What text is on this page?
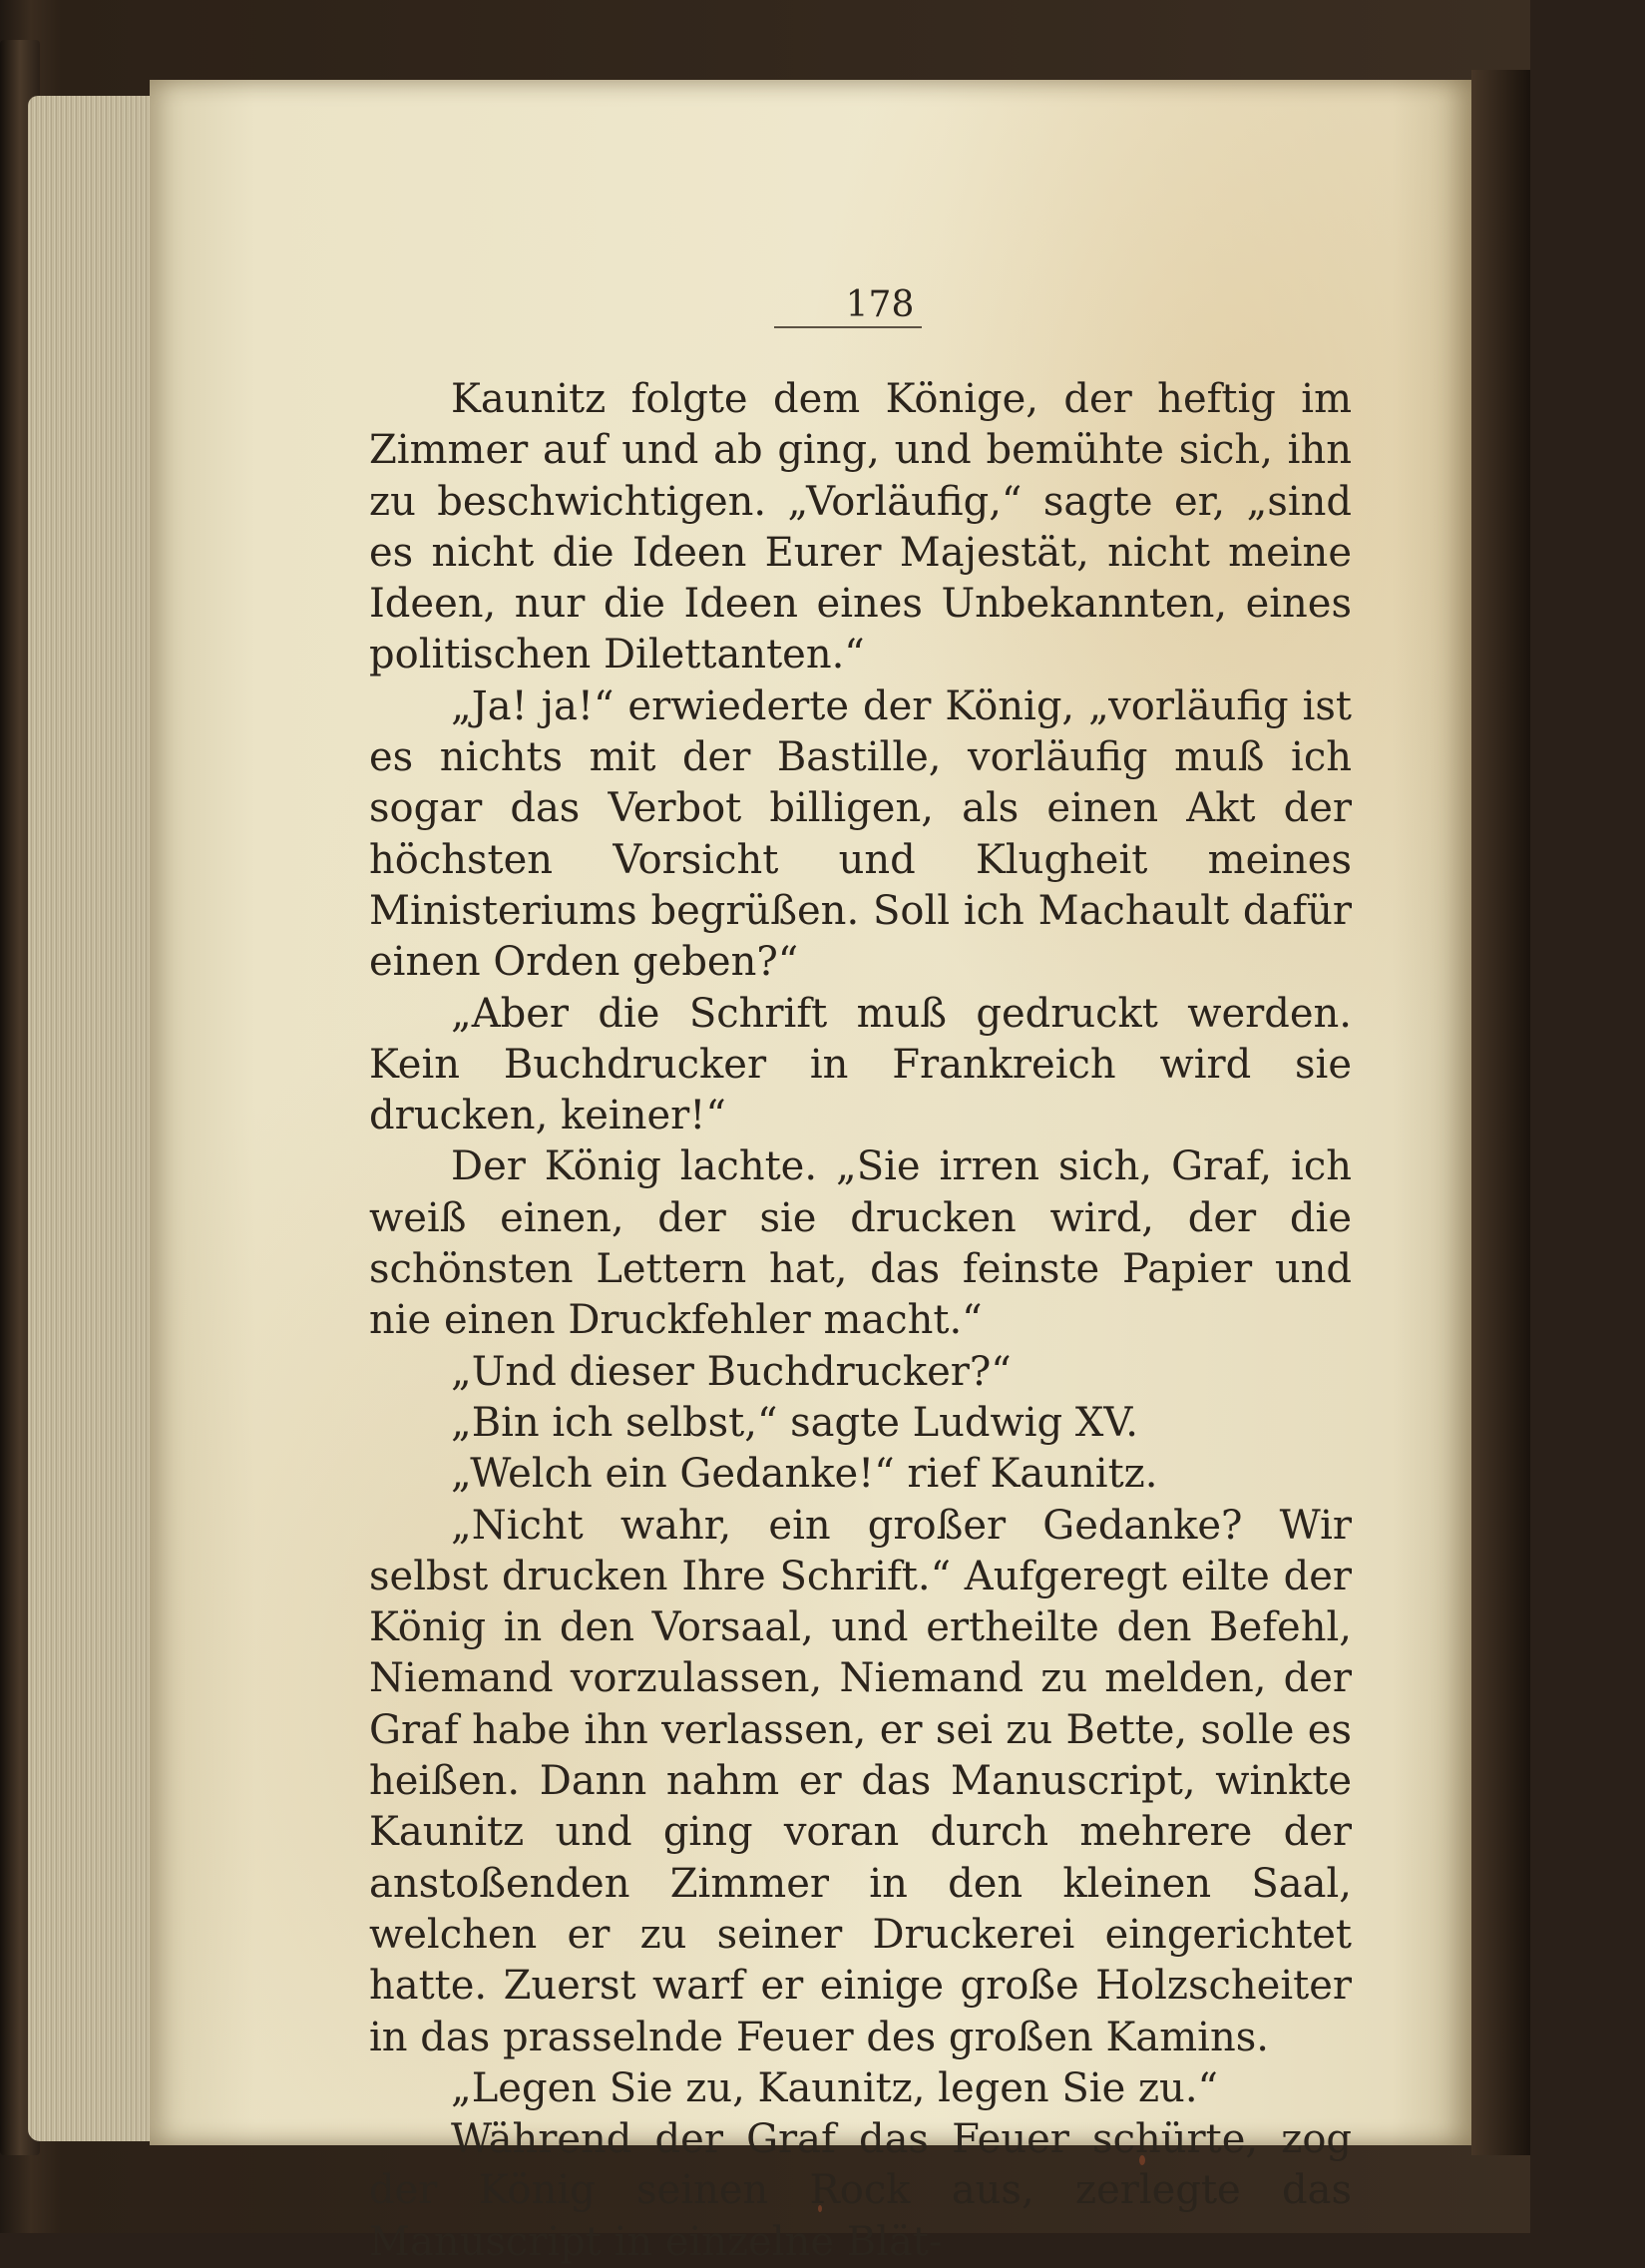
178

Kaunitz folgte dem Könige, der heftig im Zimmer auf und ab ging, und bemühte sich, ihn zu beschwichtigen. „Vorläufig,“ sagte er, „sind es nicht die Ideen Eurer Majestät, nicht meine Ideen, nur die Ideen eines Unbekannten, eines politischen Dilettanten.“

„Ja! ja!“ erwiederte der König, „vorläufig ist es nichts mit der Bastille, vorläufig muß ich sogar das Verbot billigen, als einen Akt der höchsten Vorsicht und Klugheit meines Ministeriums begrüßen. Soll ich Machault dafür einen Orden geben?“

„Aber die Schrift muß gedruckt werden. Kein Buchdrucker in Frankreich wird sie drucken, keiner!“

Der König lachte. „Sie irren sich, Graf, ich weiß einen, der sie drucken wird, der die schönsten Lettern hat, das feinste Papier und nie einen Druckfehler macht.“

„Und dieser Buchdrucker?“

„Bin ich selbst,“ sagte Ludwig XV.

„Welch ein Gedanke!“ rief Kaunitz.

„Nicht wahr, ein großer Gedanke? Wir selbst drucken Ihre Schrift.“ Aufgeregt eilte der König in den Vorsaal, und ertheilte den Befehl, Niemand vorzulassen, Niemand zu melden, der Graf habe ihn verlassen, er sei zu Bette, solle es heißen. Dann nahm er das Manuscript, winkte Kaunitz und ging voran durch mehrere der anstoßenden Zimmer in den kleinen Saal, welchen er zu seiner Druckerei eingerichtet hatte. Zuerst warf er einige große Holzscheiter in das prasselnde Feuer des großen Kamins.

„Legen Sie zu, Kaunitz, legen Sie zu.“

Während der Graf das Feuer schürte, zog der König seinen Rock aus, zerlegte das Manuscript in einzelne Blät-
